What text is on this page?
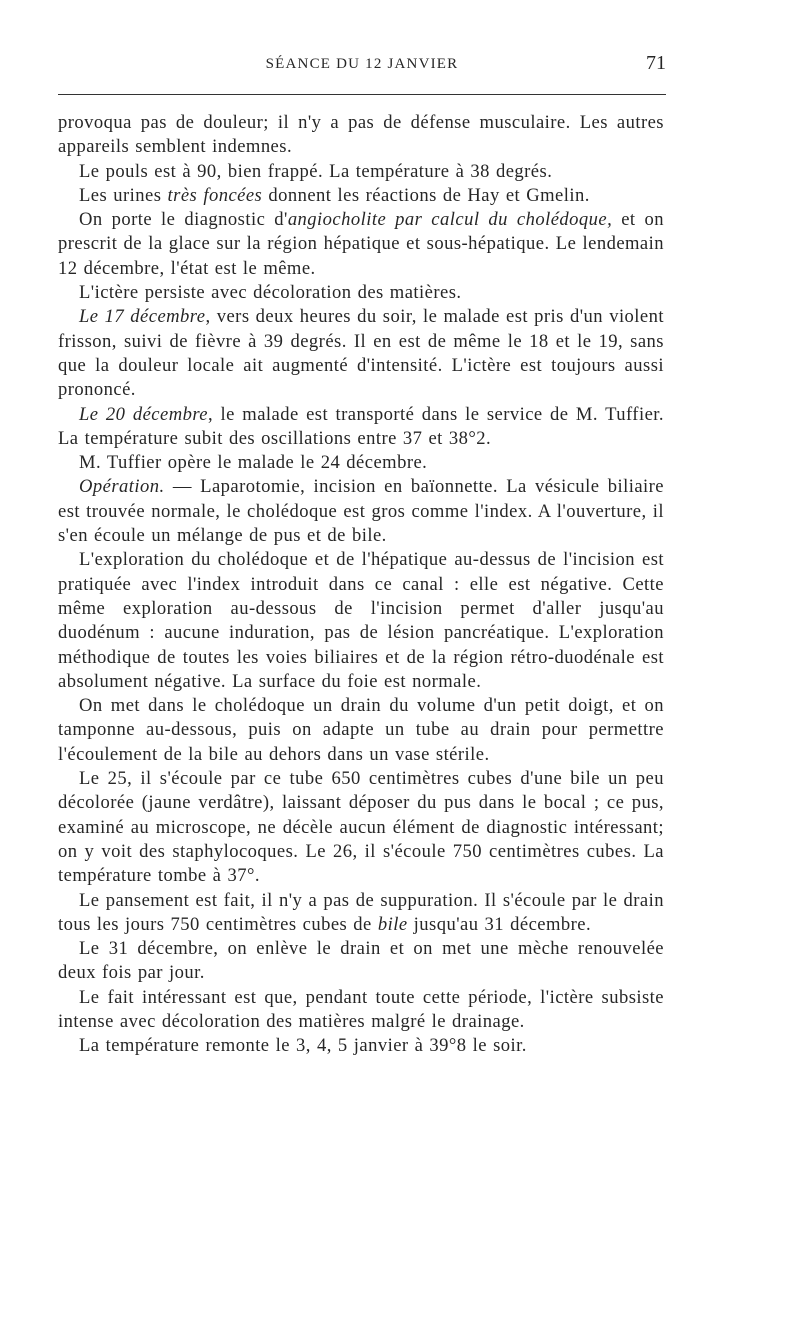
SÉANCE DU 12 JANVIER	71

provoqua pas de douleur; il n'y a pas de défense musculaire. Les autres appareils semblent indemnes.

Le pouls est à 90, bien frappé. La température à 38 degrés.

Les urines très foncées donnent les réactions de Hay et Gmelin.

On porte le diagnostic d'angiocholite par calcul du cholédoque, et on prescrit de la glace sur la région hépatique et sous-hépatique. Le lendemain 12 décembre, l'état est le même.

L'ictère persiste avec décoloration des matières.

Le 17 décembre, vers deux heures du soir, le malade est pris d'un violent frisson, suivi de fièvre à 39 degrés. Il en est de même le 18 et le 19, sans que la douleur locale ait augmenté d'intensité. L'ictère est toujours aussi prononcé.

Le 20 décembre, le malade est transporté dans le service de M. Tuffier. La température subit des oscillations entre 37 et 38°2.

M. Tuffier opère le malade le 24 décembre.

Opération. — Laparotomie, incision en baïonnette. La vésicule biliaire est trouvée normale, le cholédoque est gros comme l'index. A l'ouverture, il s'en écoule un mélange de pus et de bile.

L'exploration du cholédoque et de l'hépatique au-dessus de l'incision est pratiquée avec l'index introduit dans ce canal : elle est négative. Cette même exploration au-dessous de l'incision permet d'aller jusqu'au duodénum : aucune induration, pas de lésion pancréatique. L'exploration méthodique de toutes les voies biliaires et de la région rétro-duodénale est absolument négative. La surface du foie est normale.

On met dans le cholédoque un drain du volume d'un petit doigt, et on tamponne au-dessous, puis on adapte un tube au drain pour permettre l'écoulement de la bile au dehors dans un vase stérile.

Le 25, il s'écoule par ce tube 650 centimètres cubes d'une bile un peu décolorée (jaune verdâtre), laissant déposer du pus dans le bocal ; ce pus, examiné au microscope, ne décèle aucun élément de diagnostic intéressant; on y voit des staphylocoques. Le 26, il s'écoule 750 centimètres cubes. La température tombe à 37°.

Le pansement est fait, il n'y a pas de suppuration. Il s'écoule par le drain tous les jours 750 centimètres cubes de bile jusqu'au 31 décembre.

Le 31 décembre, on enlève le drain et on met une mèche renouvelée deux fois par jour.

Le fait intéressant est que, pendant toute cette période, l'ictère subsiste intense avec décoloration des matières malgré le drainage.

La température remonte le 3, 4, 5 janvier à 39°8 le soir.
